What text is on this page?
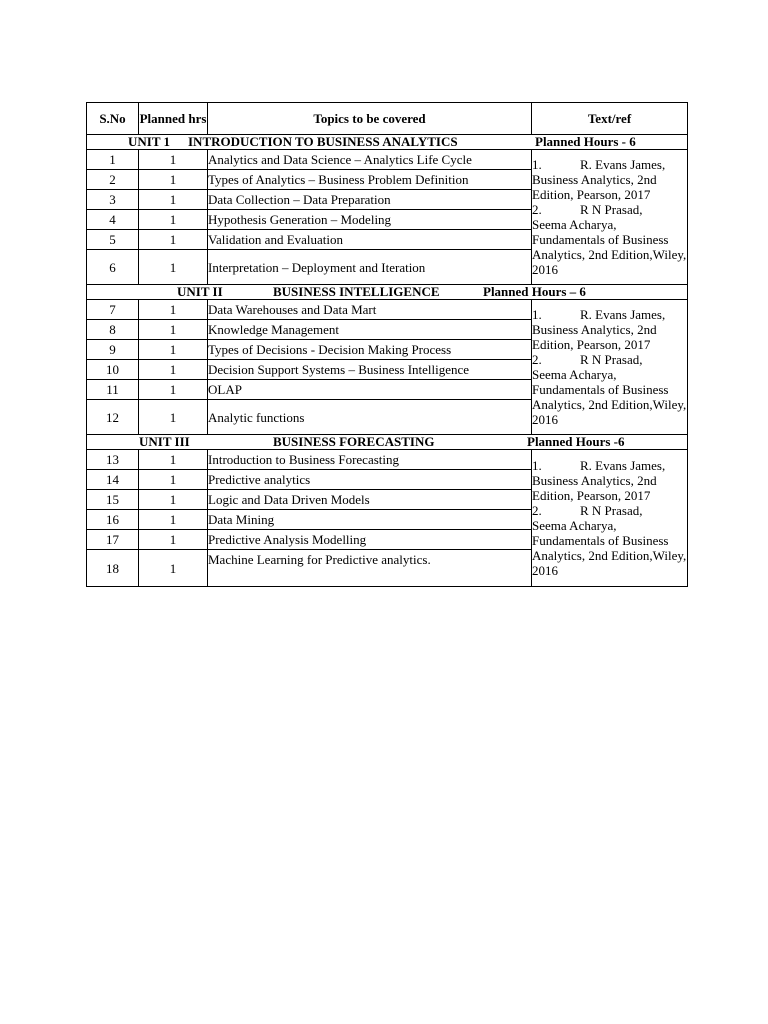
S.No	Planned hrs	Topics to be covered	Text/ref

UNIT 1 INTRODUCTION TO BUSINESS ANALYTICS Planned Hours - 6			

1	1	Analytics and Data Science – Analytics Life Cycle	1. R. Evans James,
Business Analytics, 2nd Edition, Pearson, 2017
2. R N Prasad,
Seema Acharya, Fundamentals of Business Analytics, 2nd Edition,Wiley, 2016

2	1	Types of Analytics – Business Problem Definition	
3	1	Data Collection – Data Preparation	
4	1	Hypothesis Generation – Modeling	
5	1	Validation and Evaluation	
6	1	Interpretation – Deployment and Iteration	

UNIT II BUSINESS INTELLIGENCE Planned Hours – 6			

7	1	Data Warehouses and Data Mart	1. R. Evans James,
Business Analytics, 2nd Edition, Pearson, 2017
2. R N Prasad,
Seema Acharya, Fundamentals of Business Analytics, 2nd Edition,Wiley, 2016

8	1	Knowledge Management	
9	1	Types of Decisions - Decision Making Process	
10	1	Decision Support Systems – Business Intelligence	
11	1	OLAP	
12	1	Analytic functions	

UNIT III BUSINESS FORECASTING Planned Hours -6			

13	1	Introduction to Business Forecasting	1. R. Evans James,
Business Analytics, 2nd Edition, Pearson, 2017
2. R N Prasad,
Seema Acharya, Fundamentals of Business Analytics, 2nd Edition,Wiley, 2016

14	1	Predictive analytics	
15	1	Logic and Data Driven Models	
16	1	Data Mining	
17	1	Predictive Analysis Modelling	
18	1	Machine Learning for Predictive analytics.	
